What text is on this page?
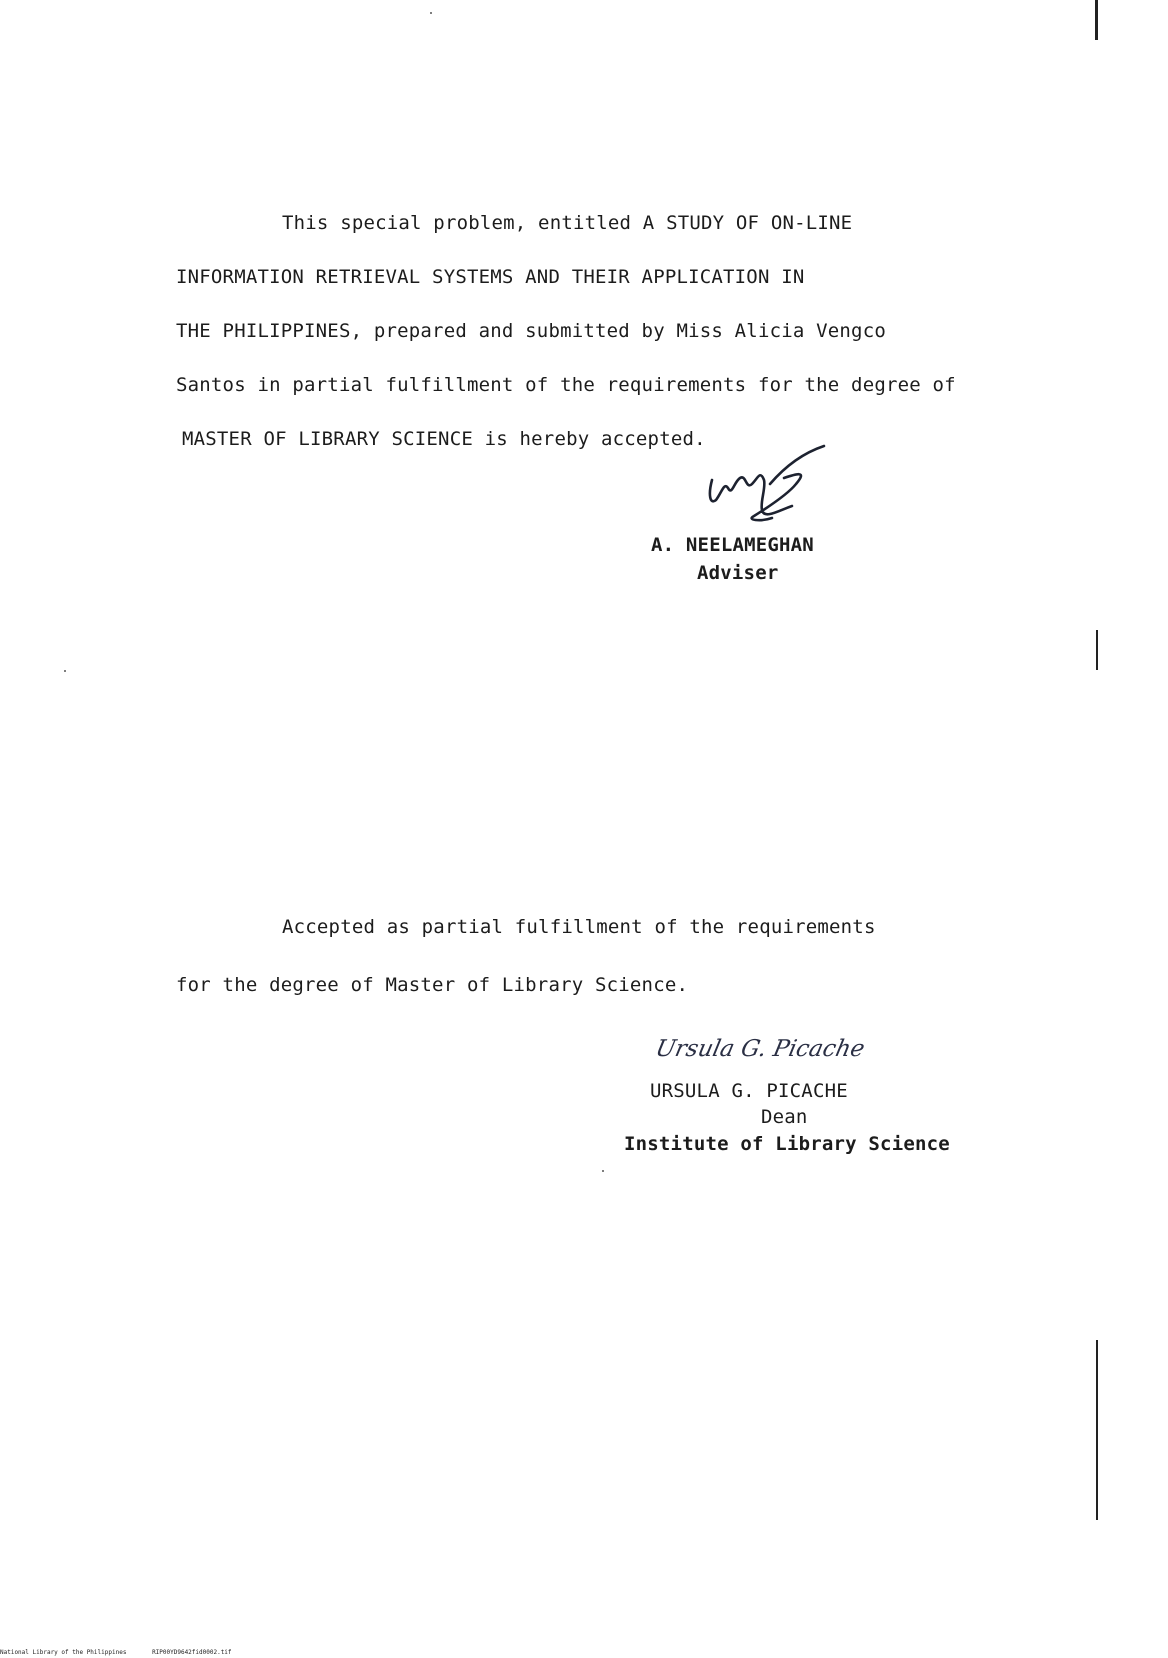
This special problem, entitled A STUDY OF ON-LINE
INFORMATION RETRIEVAL SYSTEMS AND THEIR APPLICATION IN
THE PHILIPPINES, prepared and submitted by Miss Alicia Vengco
Santos in partial fulfillment of the requirements for the degree of
MASTER OF LIBRARY SCIENCE is hereby accepted.
A. NEELAMEGHAN
Adviser
Accepted as partial fulfillment of the requirements
for the degree of Master of Library Science.
Ursula G. Picache
URSULA G. PICACHE
Dean
Institute of Library Science
National Library of the Philippines	RIP00YD9642fid0002.tif
